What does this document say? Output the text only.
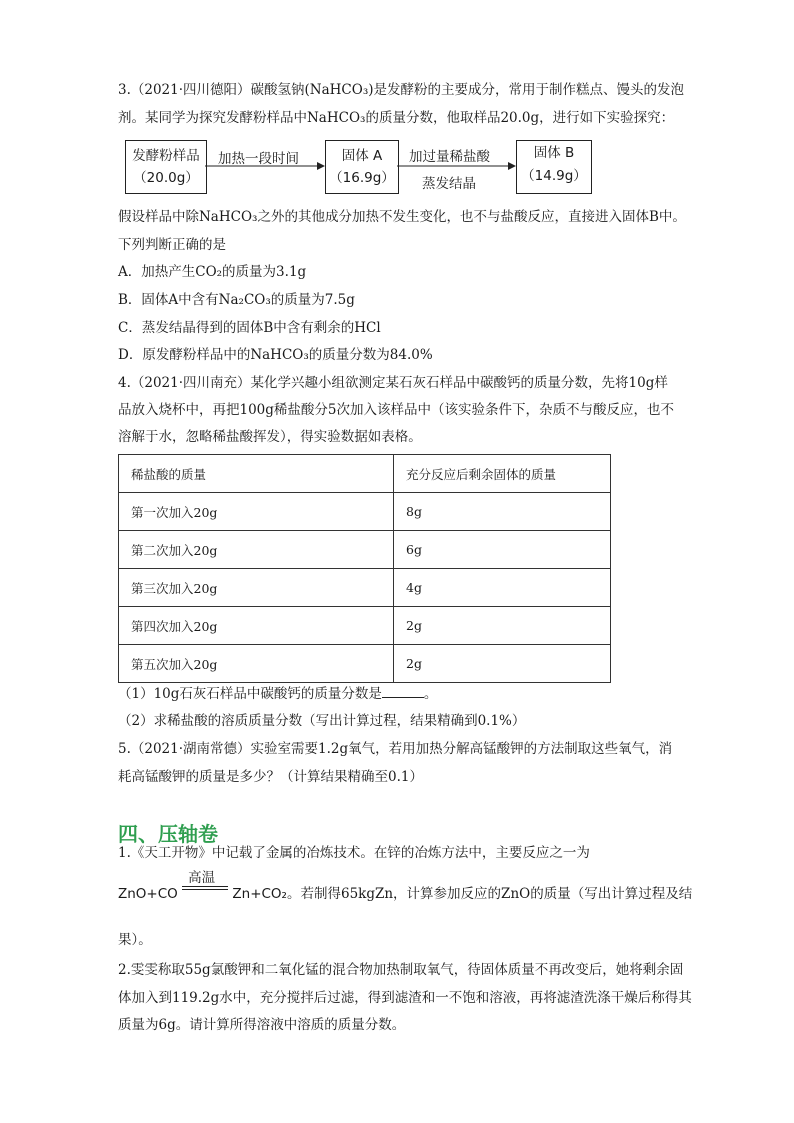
3.（2021·四川德阳）碳酸氢钠(NaHCO₃)是发酵粉的主要成分，常用于制作糕点、馒头的发泡
剂。某同学为探究发酵粉样品中NaHCO₃的质量分数，他取样品20.0g，进行如下实验探究：
发酵粉样品
（20.0g）
加热一段时间	固体 A
（16.9g）
加过量稀盐酸
蒸发结晶
固体 B
（14.9g）
假设样品中除NaHCO₃之外的其他成分加热不发生变化，也不与盐酸反应，直接进入固体B中。
下列判断正确的是
A．加热产生CO₂的质量为3.1g
B．固体A中含有Na₂CO₃的质量为7.5g
C．蒸发结晶得到的固体B中含有剩余的HCl
D．原发酵粉样品中的NaHCO₃的质量分数为84.0%
4.（2021·四川南充）某化学兴趣小组欲测定某石灰石样品中碳酸钙的质量分数，先将10g样
品放入烧杯中，再把100g稀盐酸分5次加入该样品中（该实验条件下，杂质不与酸反应，也不
溶解于水，忽略稀盐酸挥发），得实验数据如表格。
稀盐酸的质量	充分反应后剩余固体的质量
第一次加入20g	8g
第二次加入20g	6g
第三次加入20g	4g
第四次加入20g	2g
第五次加入20g	2g
（1）10g石灰石样品中碳酸钙的质量分数是	。
（2）求稀盐酸的溶质质量分数（写出计算过程，结果精确到0.1%）
5.（2021·湖南常德）实验室需要1.2g氧气，若用加热分解高锰酸钾的方法制取这些氧气，消
耗高锰酸钾的质量是多少？（计算结果精确至0.1）
四、压轴卷
1.《天工开物》中记载了金属的冶炼技术。在锌的冶炼方法中，主要反应之一为
ZnO+CO
高温
Zn+CO₂。若制得65kgZn，计算参加反应的ZnO的质量（写出计算过程及结
果）。
2.雯雯称取55g氯酸钾和二氧化锰的混合物加热制取氧气，待固体质量不再改变后，她将剩余固
体加入到119.2g水中，充分搅拌后过滤，得到滤渣和一不饱和溶液，再将滤渣洗涤干燥后称得其
质量为6g。请计算所得溶液中溶质的质量分数。
